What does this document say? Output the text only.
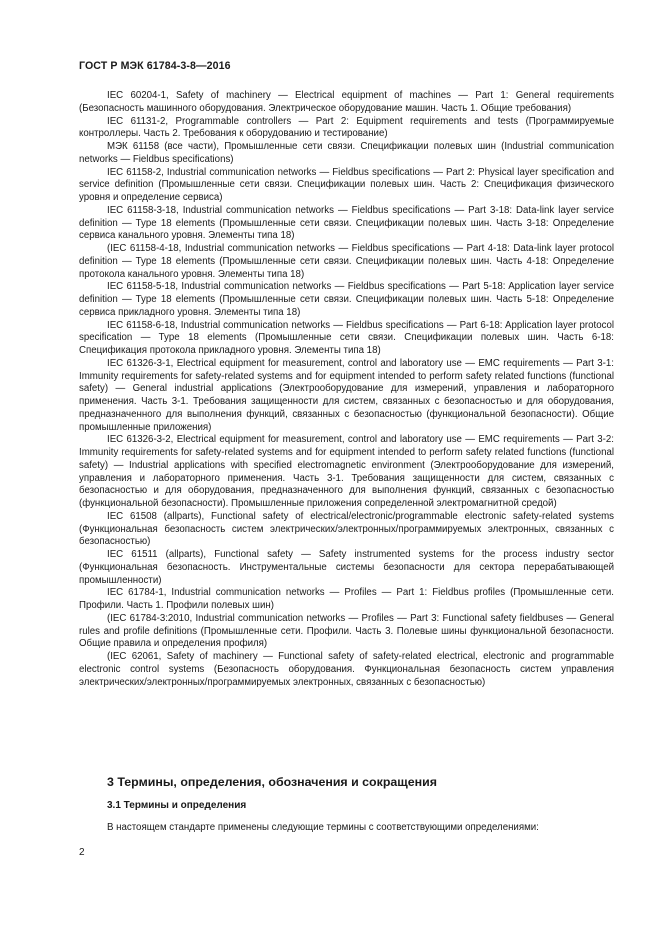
ГОСТ Р МЭК 61784-3-8—2016

IEC 60204-1, Safety of machinery — Electrical equipment of machines — Part 1: General requirements (Безопасность машинного оборудования. Электрическое оборудование машин. Часть 1. Общие требования)

IEC 61131-2, Programmable controllers — Part 2: Equipment requirements and tests (Программируемые контроллеры. Часть 2. Требования к оборудованию и тестирование)

МЭК 61158 (все части), Промышленные сети связи. Спецификации полевых шин (Industrial communication networks — Fieldbus specifications)

IEC 61158-2, Industrial communication networks — Fieldbus specifications — Part 2: Physical layer specification and service definition (Промышленные сети связи. Спецификации полевых шин. Часть 2: Спецификация физического уровня и определение сервиса)

IEC 61158-3-18, Industrial communication networks — Fieldbus specifications — Part 3-18: Data-link layer service definition — Type 18 elements (Промышленные сети связи. Спецификации полевых шин. Часть 3-18: Определение сервиса канального уровня. Элементы типа 18)

(IEC 61158-4-18, Industrial communication networks — Fieldbus specifications — Part 4-18: Data-link layer protocol definition — Type 18 elements (Промышленные сети связи. Спецификации полевых шин. Часть 4-18: Определение протокола канального уровня. Элементы типа 18)

IEC 61158-5-18, Industrial communication networks — Fieldbus specifications — Part 5-18: Application layer service definition — Type 18 elements (Промышленные сети связи. Спецификации полевых шин. Часть 5-18: Определение сервиса прикладного уровня. Элементы типа 18)

IEC 61158-6-18, Industrial communication networks — Fieldbus specifications — Part 6-18: Application layer protocol specification — Type 18 elements (Промышленные сети связи. Спецификации полевых шин. Часть 6-18: Спецификация протокола прикладного уровня. Элементы типа 18)

IEC 61326-3-1, Electrical equipment for measurement, control and laboratory use — EMC requirements — Part 3-1: Immunity requirements for safety-related systems and for equipment intended to perform safety related functions (functional safety) — General industrial applications (Электрооборудование для измерений, управления и лабораторного применения. Часть 3-1. Требования защищенности для систем, связанных с безопасностью и для оборудования, предназначенного для выполнения функций, связанных с безопасностью (функциональной безопасности). Общие промышленные приложения)

IEC 61326-3-2, Electrical equipment for measurement, control and laboratory use — EMC requirements — Part 3-2: Immunity requirements for safety-related systems and for equipment intended to perform safety related functions (functional safety) — Industrial applications with specified electromagnetic environment (Электрооборудование для измерений, управления и лабораторного применения. Часть 3-1. Требования защищенности для систем, связанных с безопасностью и для оборудования, предназначенного для выполнения функций, связанных с безопасностью (функциональной безопасности). Промышленные приложения сопределенной электромагнитной средой)

IEC 61508 (allparts), Functional safety of electrical/electronic/programmable electronic safety-related systems (Функциональная безопасность систем электрических/электронных/программируемых электронных, связанных с безопасностью)

IEC 61511 (allparts), Functional safety — Safety instrumented systems for the process industry sector (Функциональная безопасность. Инструментальные системы безопасности для сектора перерабатывающей промышленности)

IEC 61784-1, Industrial communication networks — Profiles — Part 1: Fieldbus profiles (Промышленные сети. Профили. Часть 1. Профили полевых шин)

(IEC 61784-3:2010, Industrial communication networks — Profiles — Part 3: Functional safety fieldbuses — General rules and profile definitions (Промышленные сети. Профили. Часть 3. Полевые шины функциональной безопасности. Общие правила и определения профиля)

(IEC 62061, Safety of machinery — Functional safety of safety-related electrical, electronic and programmable electronic control systems (Безопасность оборудования. Функциональная безопасность систем управления электрических/электронных/программируемых электронных, связанных с безопасностью)

3 Термины, определения, обозначения и сокращения
3.1 Термины и определения

В настоящем стандарте применены следующие термины с соответствующими определениями:

2
